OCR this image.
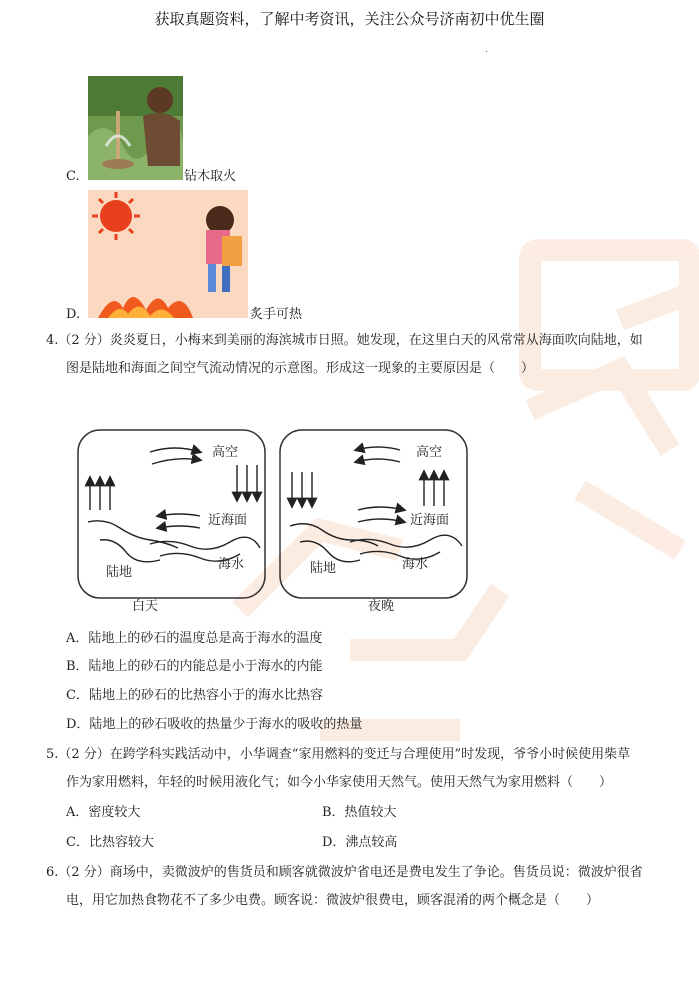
获取真题资料，了解中考资讯，关注公众号济南初中优生圈
.
C.	钻木取火
D.	炙手可热
4.（2 分）炎炎夏日，小梅来到美丽的海滨城市日照。她发现，在这里白天的风常常从海面吹向陆地，如
图是陆地和海面之间空气流动情况的示意图。形成这一现象的主要原因是（　　）
高空
近海面
海水
陆地
白天
高空
近海面
海水
陆地
夜晚
A．陆地上的砂石的温度总是高于海水的温度
B．陆地上的砂石的内能总是小于海水的内能
C．陆地上的砂石的比热容小于的海水比热容
D．陆地上的砂石吸收的热量少于海水的吸收的热量
5.（2 分）在跨学科实践活动中，小华调查“家用燃料的变迁与合理使用”时发现，爷爷小时候使用柴草
作为家用燃料，年轻的时候用液化气；如今小华家使用天然气。使用天然气为家用燃料（　　）
A．密度较大	B．热值较大
C．比热容较大	D．沸点较高
6.（2 分）商场中，卖微波炉的售货员和顾客就微波炉省电还是费电发生了争论。售货员说：微波炉很省
电，用它加热食物花不了多少电费。顾客说：微波炉很费电，顾客混淆的两个概念是（　　）
